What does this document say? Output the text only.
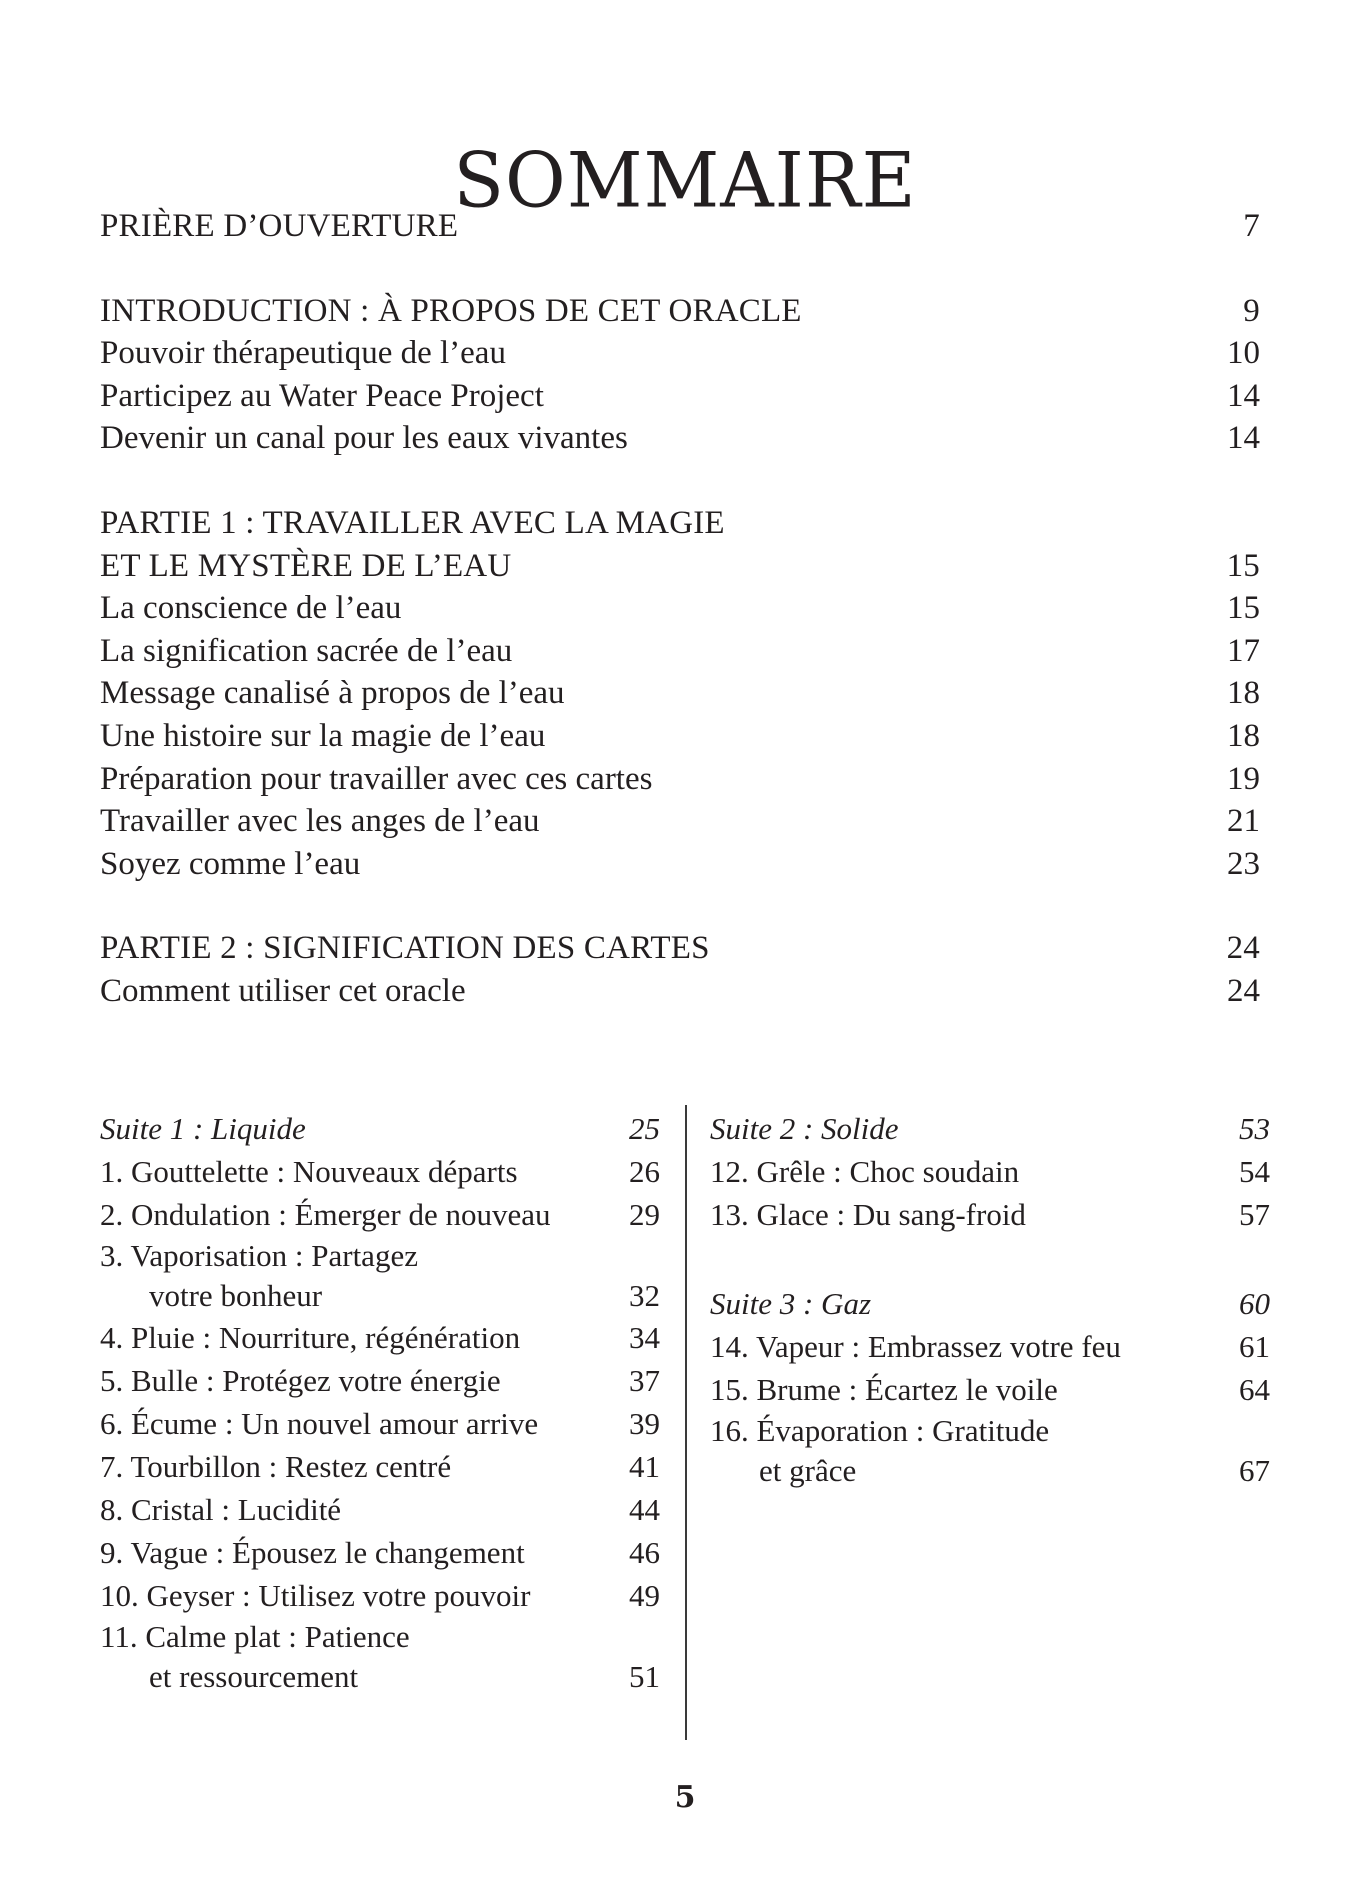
SOMMAIRE
PRIÈRE D’OUVERTURE	7
INTRODUCTION : À PROPOS DE CET ORACLE	9
Pouvoir thérapeutique de l’eau	10
Participez au Water Peace Project	14
Devenir un canal pour les eaux vivantes	14
PARTIE 1 : TRAVAILLER AVEC LA MAGIE
ET LE MYSTÈRE DE L’EAU	15
La conscience de l’eau	15
La signification sacrée de l’eau	17
Message canalisé à propos de l’eau	18
Une histoire sur la magie de l’eau	18
Préparation pour travailler avec ces cartes	19
Travailler avec les anges de l’eau	21
Soyez comme l’eau	23
PARTIE 2 : SIGNIFICATION DES CARTES	24
Comment utiliser cet oracle	24
Suite 1 : Liquide	25
1. Gouttelette : Nouveaux départs	26
2. Ondulation : Émerger de nouveau	29
3. Vaporisation : Partagez
votre bonheur	32
4. Pluie : Nourriture, régénération	34
5. Bulle : Protégez votre énergie	37
6. Écume : Un nouvel amour arrive	39
7. Tourbillon : Restez centré	41
8. Cristal : Lucidité	44
9. Vague : Épousez le changement	46
10. Geyser : Utilisez votre pouvoir	49
11. Calme plat : Patience
et ressourcement	51
Suite 2 : Solide	53
12. Grêle : Choc soudain	54
13. Glace : Du sang-froid	57
Suite 3 : Gaz	60
14. Vapeur : Embrassez votre feu	61
15. Brume : Écartez le voile	64
16. Évaporation : Gratitude
et grâce	67
5
